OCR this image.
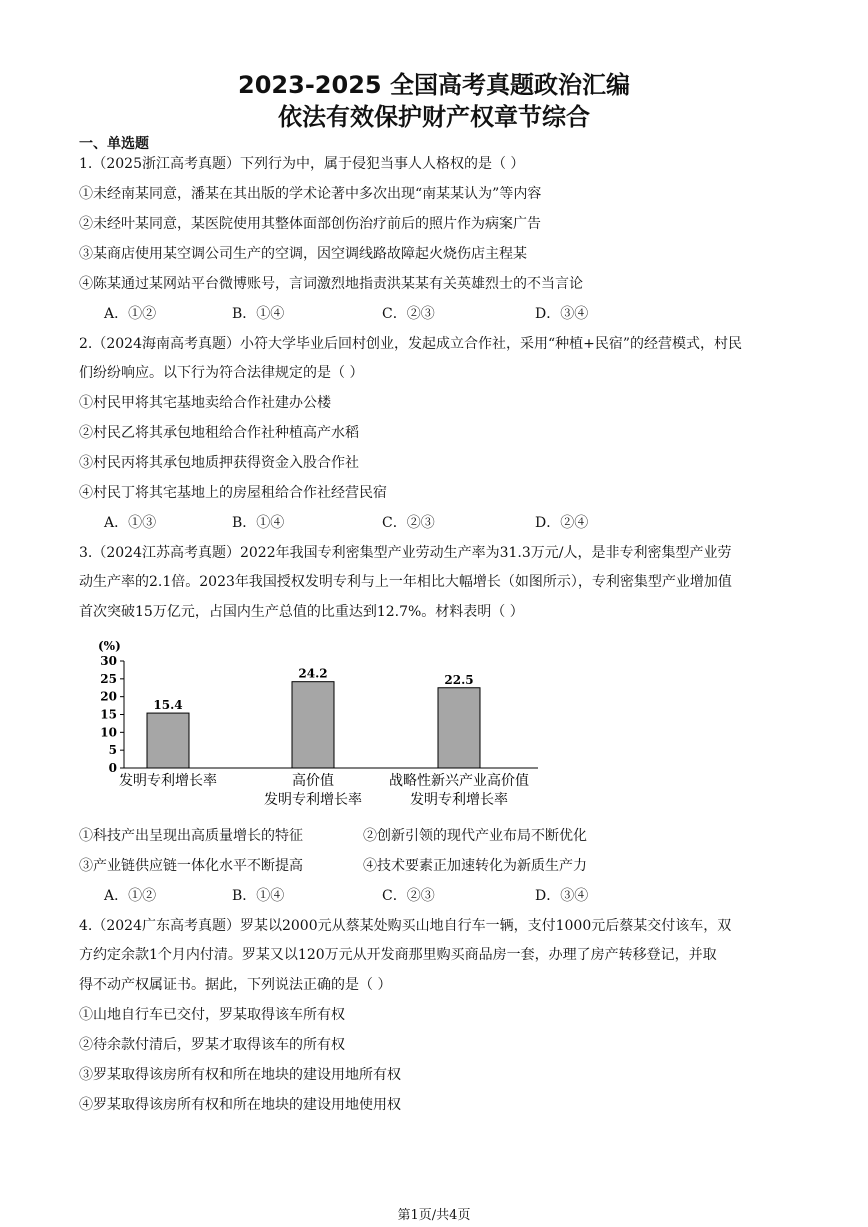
2023-2025 全国高考真题政治汇编
依法有效保护财产权章节综合

一、单选题

1.（2025浙江高考真题）下列行为中，属于侵犯当事人人格权的是（ ）

①未经南某同意，潘某在其出版的学术论著中多次出现“南某某认为”等内容

②未经叶某同意，某医院使用其整体面部创伤治疗前后的照片作为病案广告

③某商店使用某空调公司生产的空调，因空调线路故障起火烧伤店主程某

④陈某通过某网站平台微博账号，言词激烈地指责洪某某有关英雄烈士的不当言论

A．①②	B．①④	C．②③	D．③④

2.（2024海南高考真题）小符大学毕业后回村创业，发起成立合作社，采用“种植+民宿”的经营模式，村民

们纷纷响应。以下行为符合法律规定的是（ ）

①村民甲将其宅基地卖给合作社建办公楼

②村民乙将其承包地租给合作社种植高产水稻

③村民丙将其承包地质押获得资金入股合作社

④村民丁将其宅基地上的房屋租给合作社经营民宿

A．①③	B．①④	C．②③	D．②④

3.（2024江苏高考真题）2022年我国专利密集型产业劳动生产率为31.3万元/人，是非专利密集型产业劳

动生产率的2.1倍。2023年我国授权发明专利与上一年相比大幅增长（如图所示），专利密集型产业增加值

首次突破15万亿元，占国内生产总值的比重达到12.7%。材料表明（ ）

(%)
0
5
10
15
20
25
30
15.4
24.2	22.5
发明专利增长率	高价值
发明专利增长率
战略性新兴产业高价值
发明专利增长率
①科技产出呈现出高质量增长的特征	②创新引领的现代产业布局不断优化
③产业链供应链一体化水平不断提高	④技术要素正加速转化为新质生产力
A．①②	B．①④	C．②③	D．③④

4.（2024广东高考真题）罗某以2000元从蔡某处购买山地自行车一辆，支付1000元后蔡某交付该车，双

方约定余款1个月内付清。罗某又以120万元从开发商那里购买商品房一套，办理了房产转移登记，并取

得不动产权属证书。据此，下列说法正确的是（ ）

①山地自行车已交付，罗某取得该车所有权

②待余款付清后，罗某才取得该车的所有权

③罗某取得该房所有权和所在地块的建设用地所有权

④罗某取得该房所有权和所在地块的建设用地使用权

第1页/共4页
